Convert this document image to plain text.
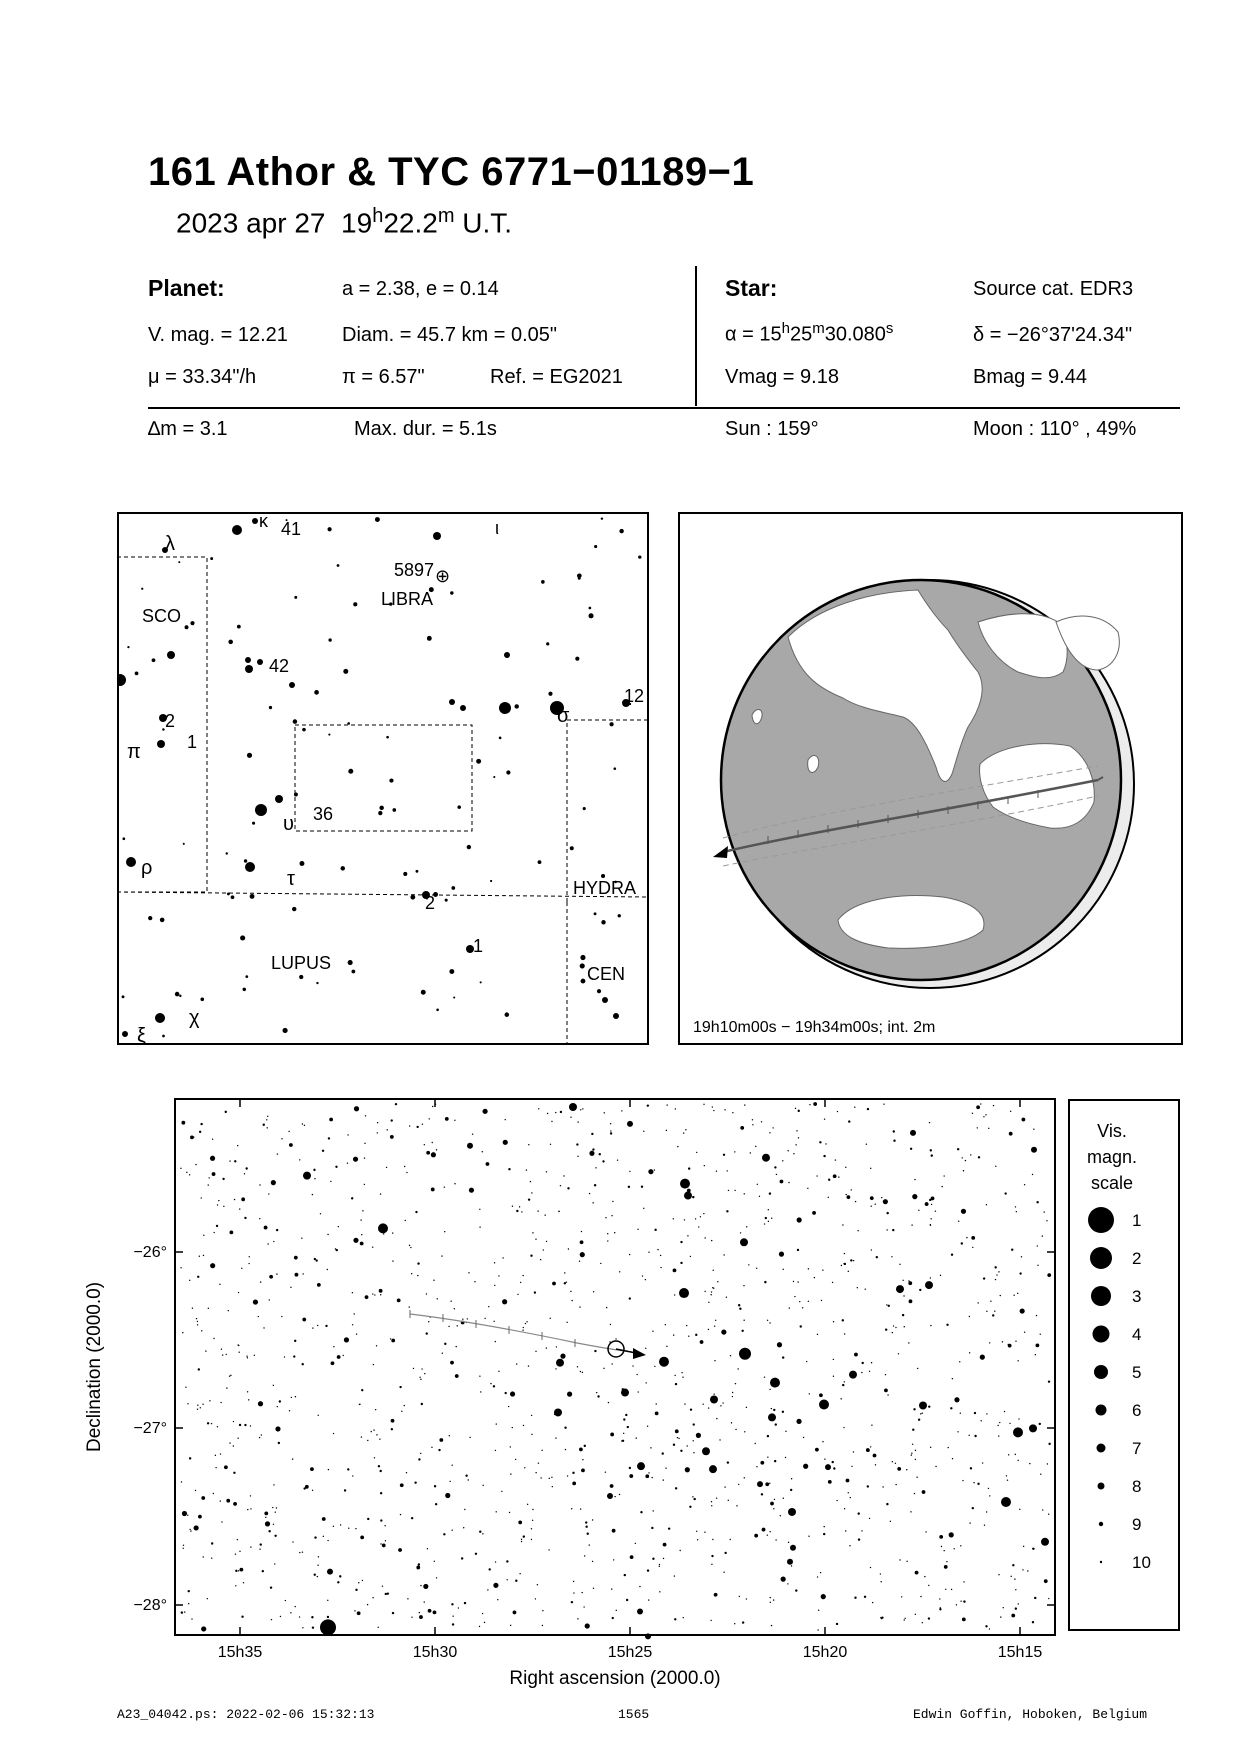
161 Athor & TYC 6771−01189−1
2023 apr 27 19$^h$22.2$^m$ U.T.
Planet:	a = 2.38, e = 0.14
V. mag. = 12.21	Diam. = 45.7 km = 0.05"
μ = 33.34"/h	π = 6.57"	Ref. = EG2021
Star:	Source cat. EDR3
$\alpha = 15^h25^m30.080^s$	δ = −26°37'24.34"
Vmag = 9.18	Bmag = 9.44
∆m = 3.1	Max. dur. = 5.1s	Sun : 159°	Moon : 110° , 49%
SCO
LIBRA
LUPUS
HYDRA
CEN
5897 ⊕
42
41
36
12
2
1
2
1
λ
κ	ι
π
ρ
υ
τ
σ
χ
ξ	19h10m00s − 19h34m00s; int. 2m
−26°
−27°
−28°
15h35	15h30	15h25	15h20	15h15
Right ascension (2000.0)
Declination (2000.0)
Vis.
magn.
scale
1
2
3
4
5
6
7
8
9
10
A23_04042.ps: 2022-02-06 15:32:13	1565	Edwin Goffin, Hoboken, Belgium
